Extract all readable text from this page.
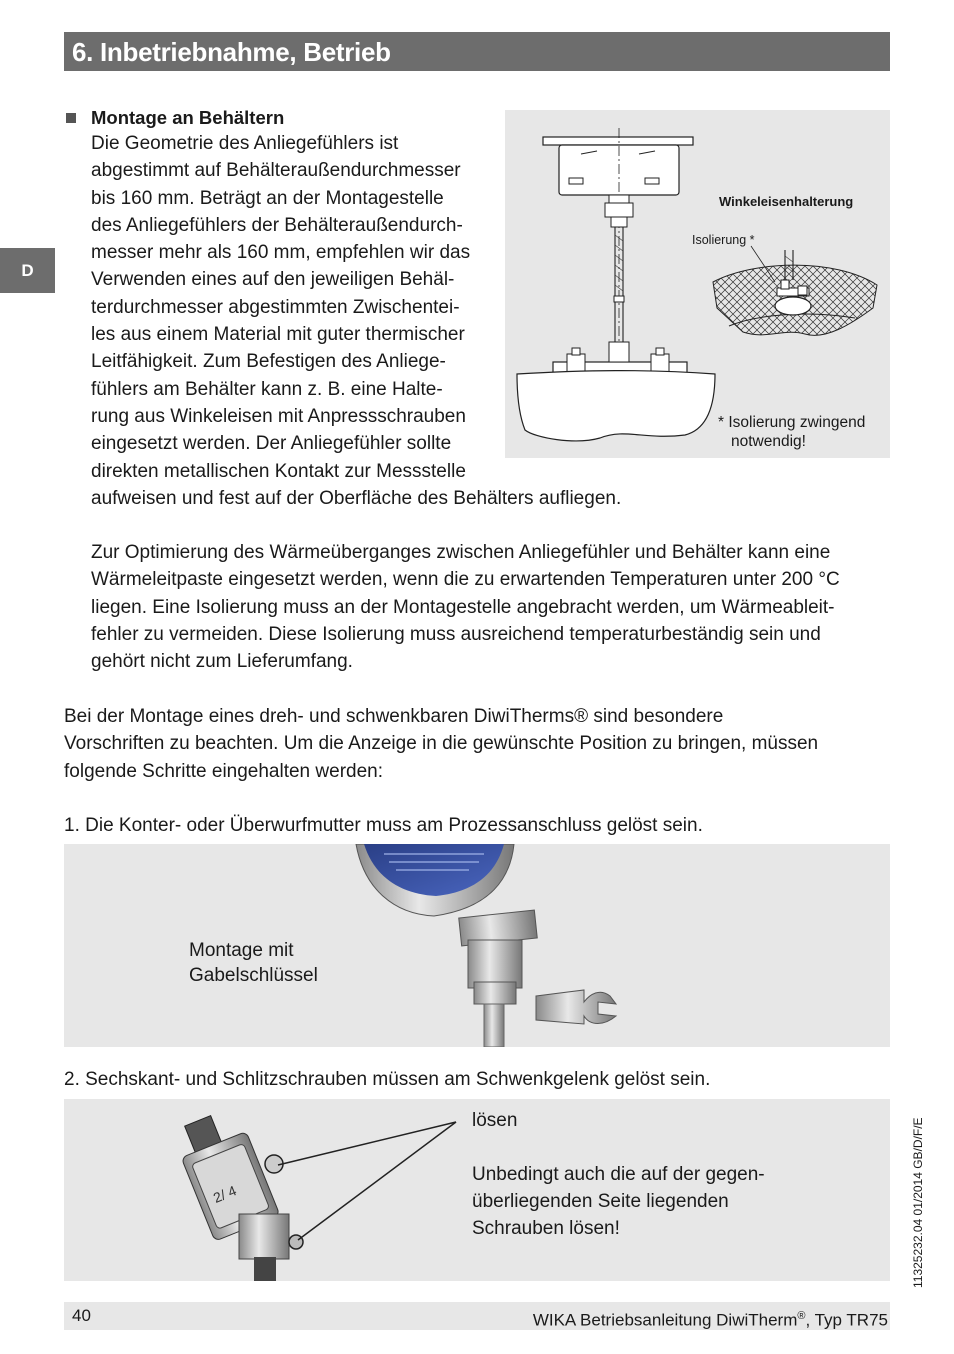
6. Inbetriebnahme, Betrieb
D
Montage an Behältern
Die Geometrie des Anliegefühlers ist
abgestimmt auf Behälteraußendurchmesser
bis 160 mm. Beträgt an der Montagestelle
des Anliegefühlers der Behälteraußendurch-
messer mehr als 160 mm, empfehlen wir das
Verwenden eines auf den jeweiligen Behäl-
terdurchmesser abgestimmten Zwischentei-
les aus einem Material mit guter thermischer
Leitfähigkeit. Zum Befestigen des Anliege-
fühlers am Behälter kann z. B. eine Halte-
rung aus Winkeleisen mit Anpressschrauben
eingesetzt werden. Der Anliegefühler sollte
direkten metallischen Kontakt zur Messstelle
aufweisen und fest auf der Oberfläche des Behälters aufliegen.
Winkeleisenhalterung
Isolierung *
* Isolierung zwingend
notwendig!
Zur Optimierung des Wärmeüberganges zwischen Anliegefühler und Behälter kann eine
Wärmeleitpaste eingesetzt werden, wenn die zu erwartenden Temperaturen unter 200 °C
liegen. Eine Isolierung muss an der Montagestelle angebracht werden, um Wärmeableit-
fehler zu vermeiden. Diese Isolierung muss ausreichend temperaturbeständig sein und
gehört nicht zum Lieferumfang.
Bei der Montage eines dreh- und schwenkbaren DiwiTherms® sind besondere
Vorschriften zu beachten. Um die Anzeige in die gewünschte Position zu bringen, müssen
folgende Schritte eingehalten werden:
1. Die Konter- oder Überwurfmutter muss am Prozessanschluss gelöst sein.
Montage mit
Gabelschlüssel
2. Sechskant- und Schlitzschrauben müssen am Schwenkgelenk gelöst sein.
2/ 4
lösen
Unbedingt auch die auf der gegen-
überliegenden Seite liegenden
Schrauben lösen!	11325232.04 01/2014 GB/D/F/E
40	WIKA Betriebsanleitung DiwiTherm®, Typ TR75
